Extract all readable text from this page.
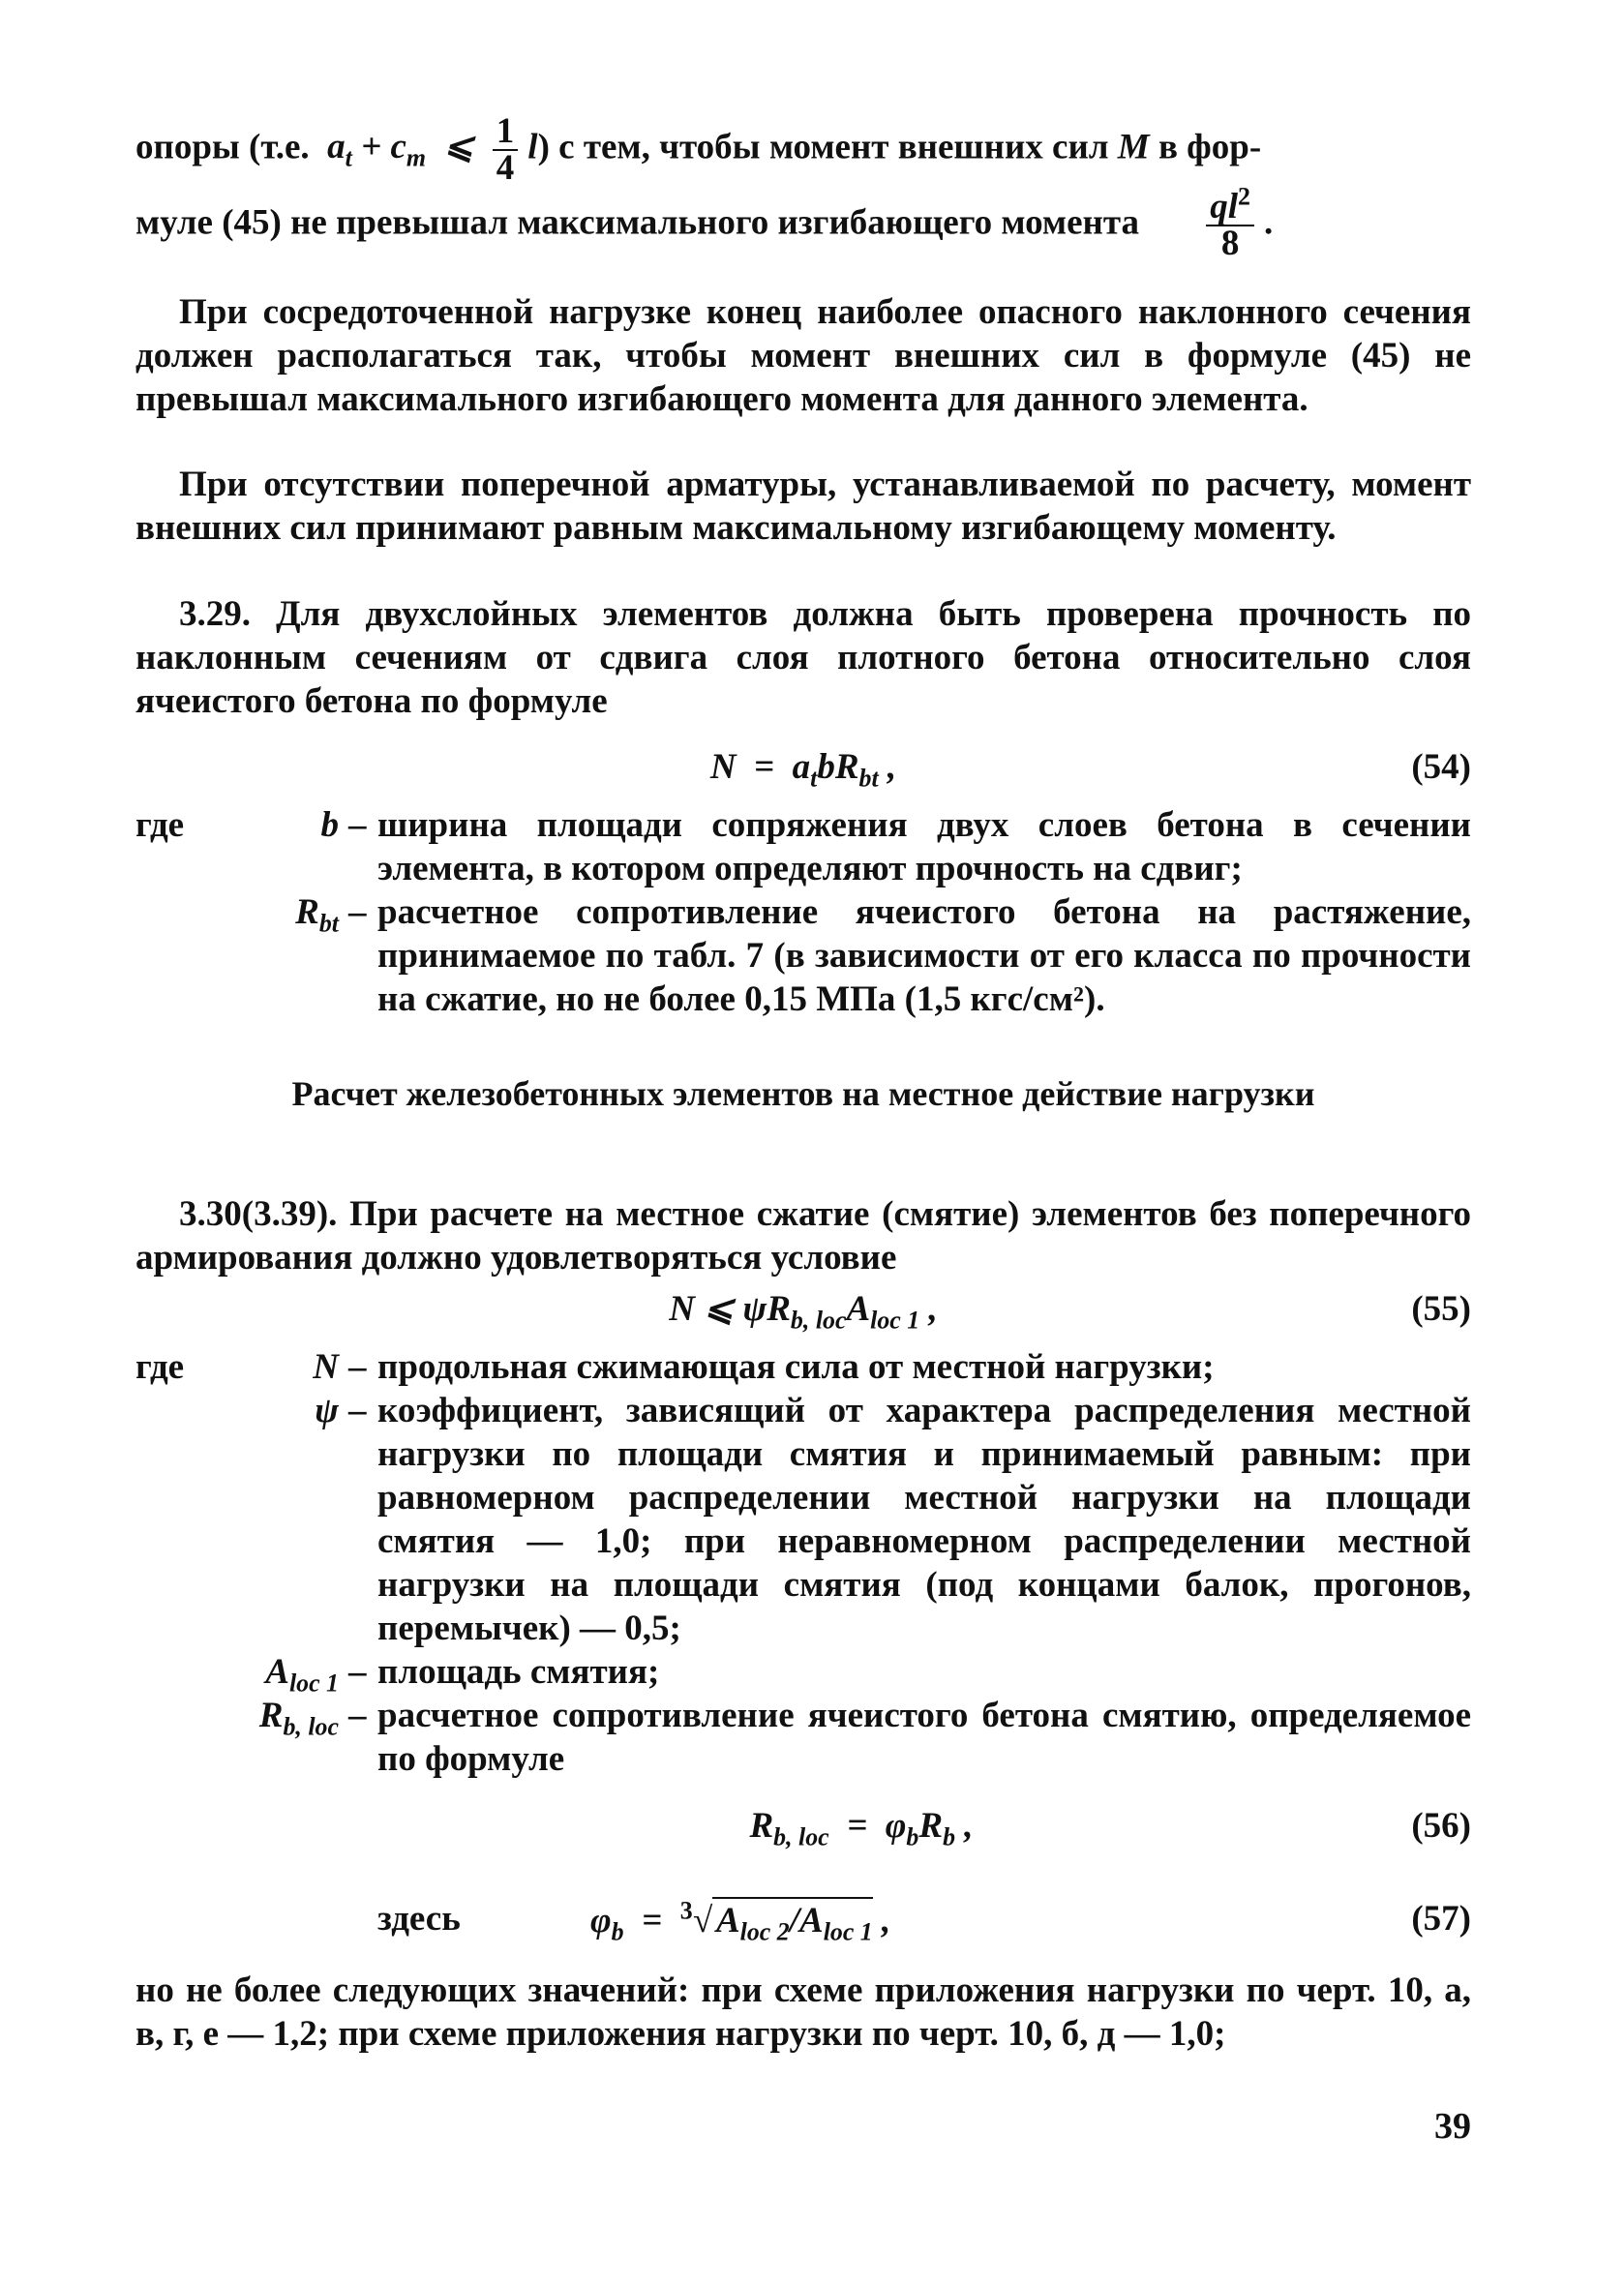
опоры (т.е.  $a_t + c_m$  ⩽ $\frac{1}{4} l$) с тем, чтобы момент внешних сил M в фор-
муле (45) не превышал максимального изгибающего момента $\frac{ql^2}{8}$ .

При сосредоточенной нагрузке конец наиболее опасного наклонного сечения должен располагаться так, чтобы момент внешних сил в формуле (45) не превышал максимального изгибающего момента для данного элемента.

При отсутствии поперечной арматуры, устанавливаемой по расчету, момент внешних сил принимают равным максимальному изгибающему моменту.

3.29. Для двухслойных элементов должна быть проверена прочность по наклонным сечениям от сдвига слоя плотного бетона относительно слоя ячеистого бетона по формуле

$N = a_tbR_{bt}$ ,	(54)
где	b – ширина площади сопряжения двух слоев бетона в сечении элемента, в котором определяют прочность на сдвиг;
$R_{bt}$ – расчетное сопротивление ячеистого бетона на растяжение, принимаемое по табл. 7 (в зависимости от его класса по прочности на сжатие, но не более 0,15 МПа (1,5 кгс/см²).
Расчет железобетонных элементов на местное действие нагрузки

3.30(3.39). При расчете на местное сжатие (смятие) элементов без поперечного армирования должно удовлетворяться условие

N ⩽ $\psi R_{b, loc}A_{loc 1}$ ,	(55)
где	N – продольная сжимающая сила от местной нагрузки;
ψ – коэффициент, зависящий от характера распределения местной нагрузки по площади смятия и принимаемый равным: при равномерном распределении местной нагрузки на площади смятия — 1,0; при неравномерном распределении местной нагрузки на площади смятия (под концами балок, прогонов, перемычек) — 0,5;
$A_{loc 1}$ – площадь смятия;
$R_{b, loc}$ – расчетное сопротивление ячеистого бетона смятию, определяемое по формуле
$R_{b, loc} = \varphi_bR_b$ ,	(56)
здесь	$\varphi_b = ^3√$ $A_{loc 2}/A_{loc 1}$ ,	(57)

но не более следующих значений: при схеме приложения нагрузки по черт. 10, а, в, г, е — 1,2; при схеме приложения нагрузки по черт. 10, б, д — 1,0;

39
